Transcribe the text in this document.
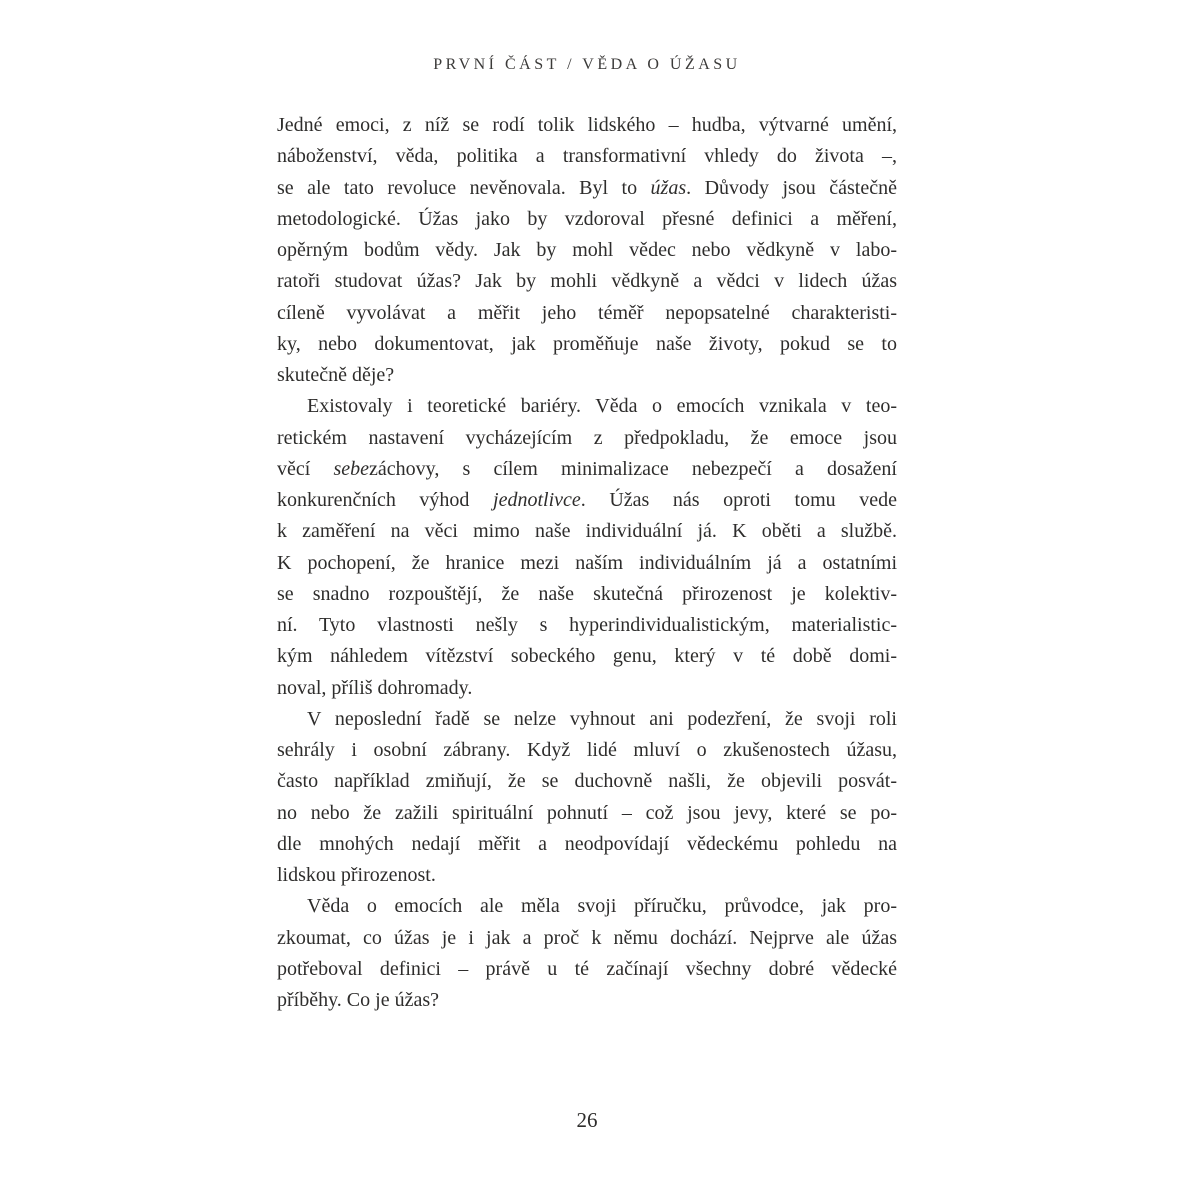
PRVNÍ ČÁST / VĚDA O ÚŽASU
Jedné emoci, z níž se rodí tolik lidského – hudba, výtvarné umění,
náboženství, věda, politika a transformativní vhledy do života –,
se ale tato revoluce nevěnovala. Byl to úžas. Důvody jsou částečně
metodologické. Úžas jako by vzdoroval přesné definici a měření,
opěrným bodům vědy. Jak by mohl vědec nebo vědkyně v labo-
ratoři studovat úžas? Jak by mohli vědkyně a vědci v lidech úžas
cíleně vyvolávat a měřit jeho téměř nepopsatelné charakteristi-
ky, nebo dokumentovat, jak proměňuje naše životy, pokud se to
skutečně děje?
Existovaly i teoretické bariéry. Věda o emocích vznikala v teo-
retickém nastavení vycházejícím z předpokladu, že emoce jsou
věcí sebezáchovy, s cílem minimalizace nebezpečí a dosažení
konkurenčních výhod jednotlivce. Úžas nás oproti tomu vede
k zaměření na věci mimo naše individuální já. K oběti a službě.
K pochopení, že hranice mezi naším individuálním já a ostatními
se snadno rozpouštějí, že naše skutečná přirozenost je kolektiv-
ní. Tyto vlastnosti nešly s hyperindividualistickým, materialistic-
kým náhledem vítězství sobeckého genu, který v té době domi-
noval, příliš dohromady.
V neposlední řadě se nelze vyhnout ani podezření, že svoji roli
sehrály i osobní zábrany. Když lidé mluví o zkušenostech úžasu,
často například zmiňují, že se duchovně našli, že objevili posvát-
no nebo že zažili spirituální pohnutí – což jsou jevy, které se po-
dle mnohých nedají měřit a neodpovídají vědeckému pohledu na
lidskou přirozenost.
Věda o emocích ale měla svoji příručku, průvodce, jak pro-
zkoumat, co úžas je i jak a proč k němu dochází. Nejprve ale úžas
potřeboval definici – právě u té začínají všechny dobré vědecké
příběhy. Co je úžas?
26
